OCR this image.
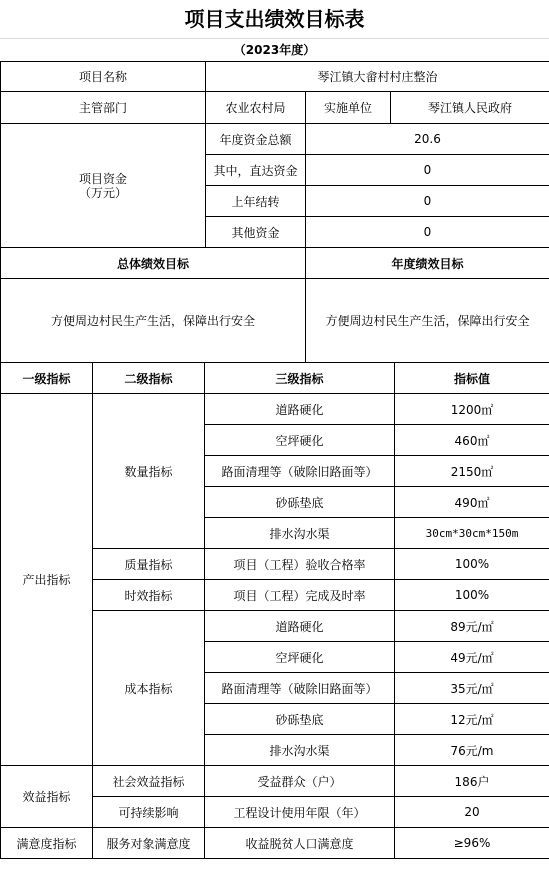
项目支出绩效目标表
（2023年度）
项目名称	琴江镇大畲村村庄整治		
主管部门	农业农村局	实施单位	琴江镇人民政府

项目资金
（万元）	年度资金总额	20.6	
	其中，直达资金	0	
	上年结转	0	
	其他资金	0	
总体绩效目标	年度绩效目标
方便周边村民生产生活，保障出行安全	方便周边村民生产生活，保障出行安全
一级指标	二级指标	三级指标	指标值
产出指标	数量指标	道路硬化	1200㎡
		空坪硬化	460㎡
		路面清理等（破除旧路面等）	2150㎡
		砂砾垫底	490㎡
		排水沟水渠	30cm*30cm*150m
	质量指标	项目（工程）验收合格率	100%
	时效指标	项目（工程）完成及时率	100%
	成本指标	道路硬化	89元/㎡
		空坪硬化	49元/㎡
		路面清理等（破除旧路面等）	35元/㎡
		砂砾垫底	12元/㎡
		排水沟水渠	76元/m
效益指标	社会效益指标	受益群众（户）	186户
	可持续影响	工程设计使用年限（年）	20
满意度指标	服务对象满意度	收益脱贫人口满意度	≥96%
